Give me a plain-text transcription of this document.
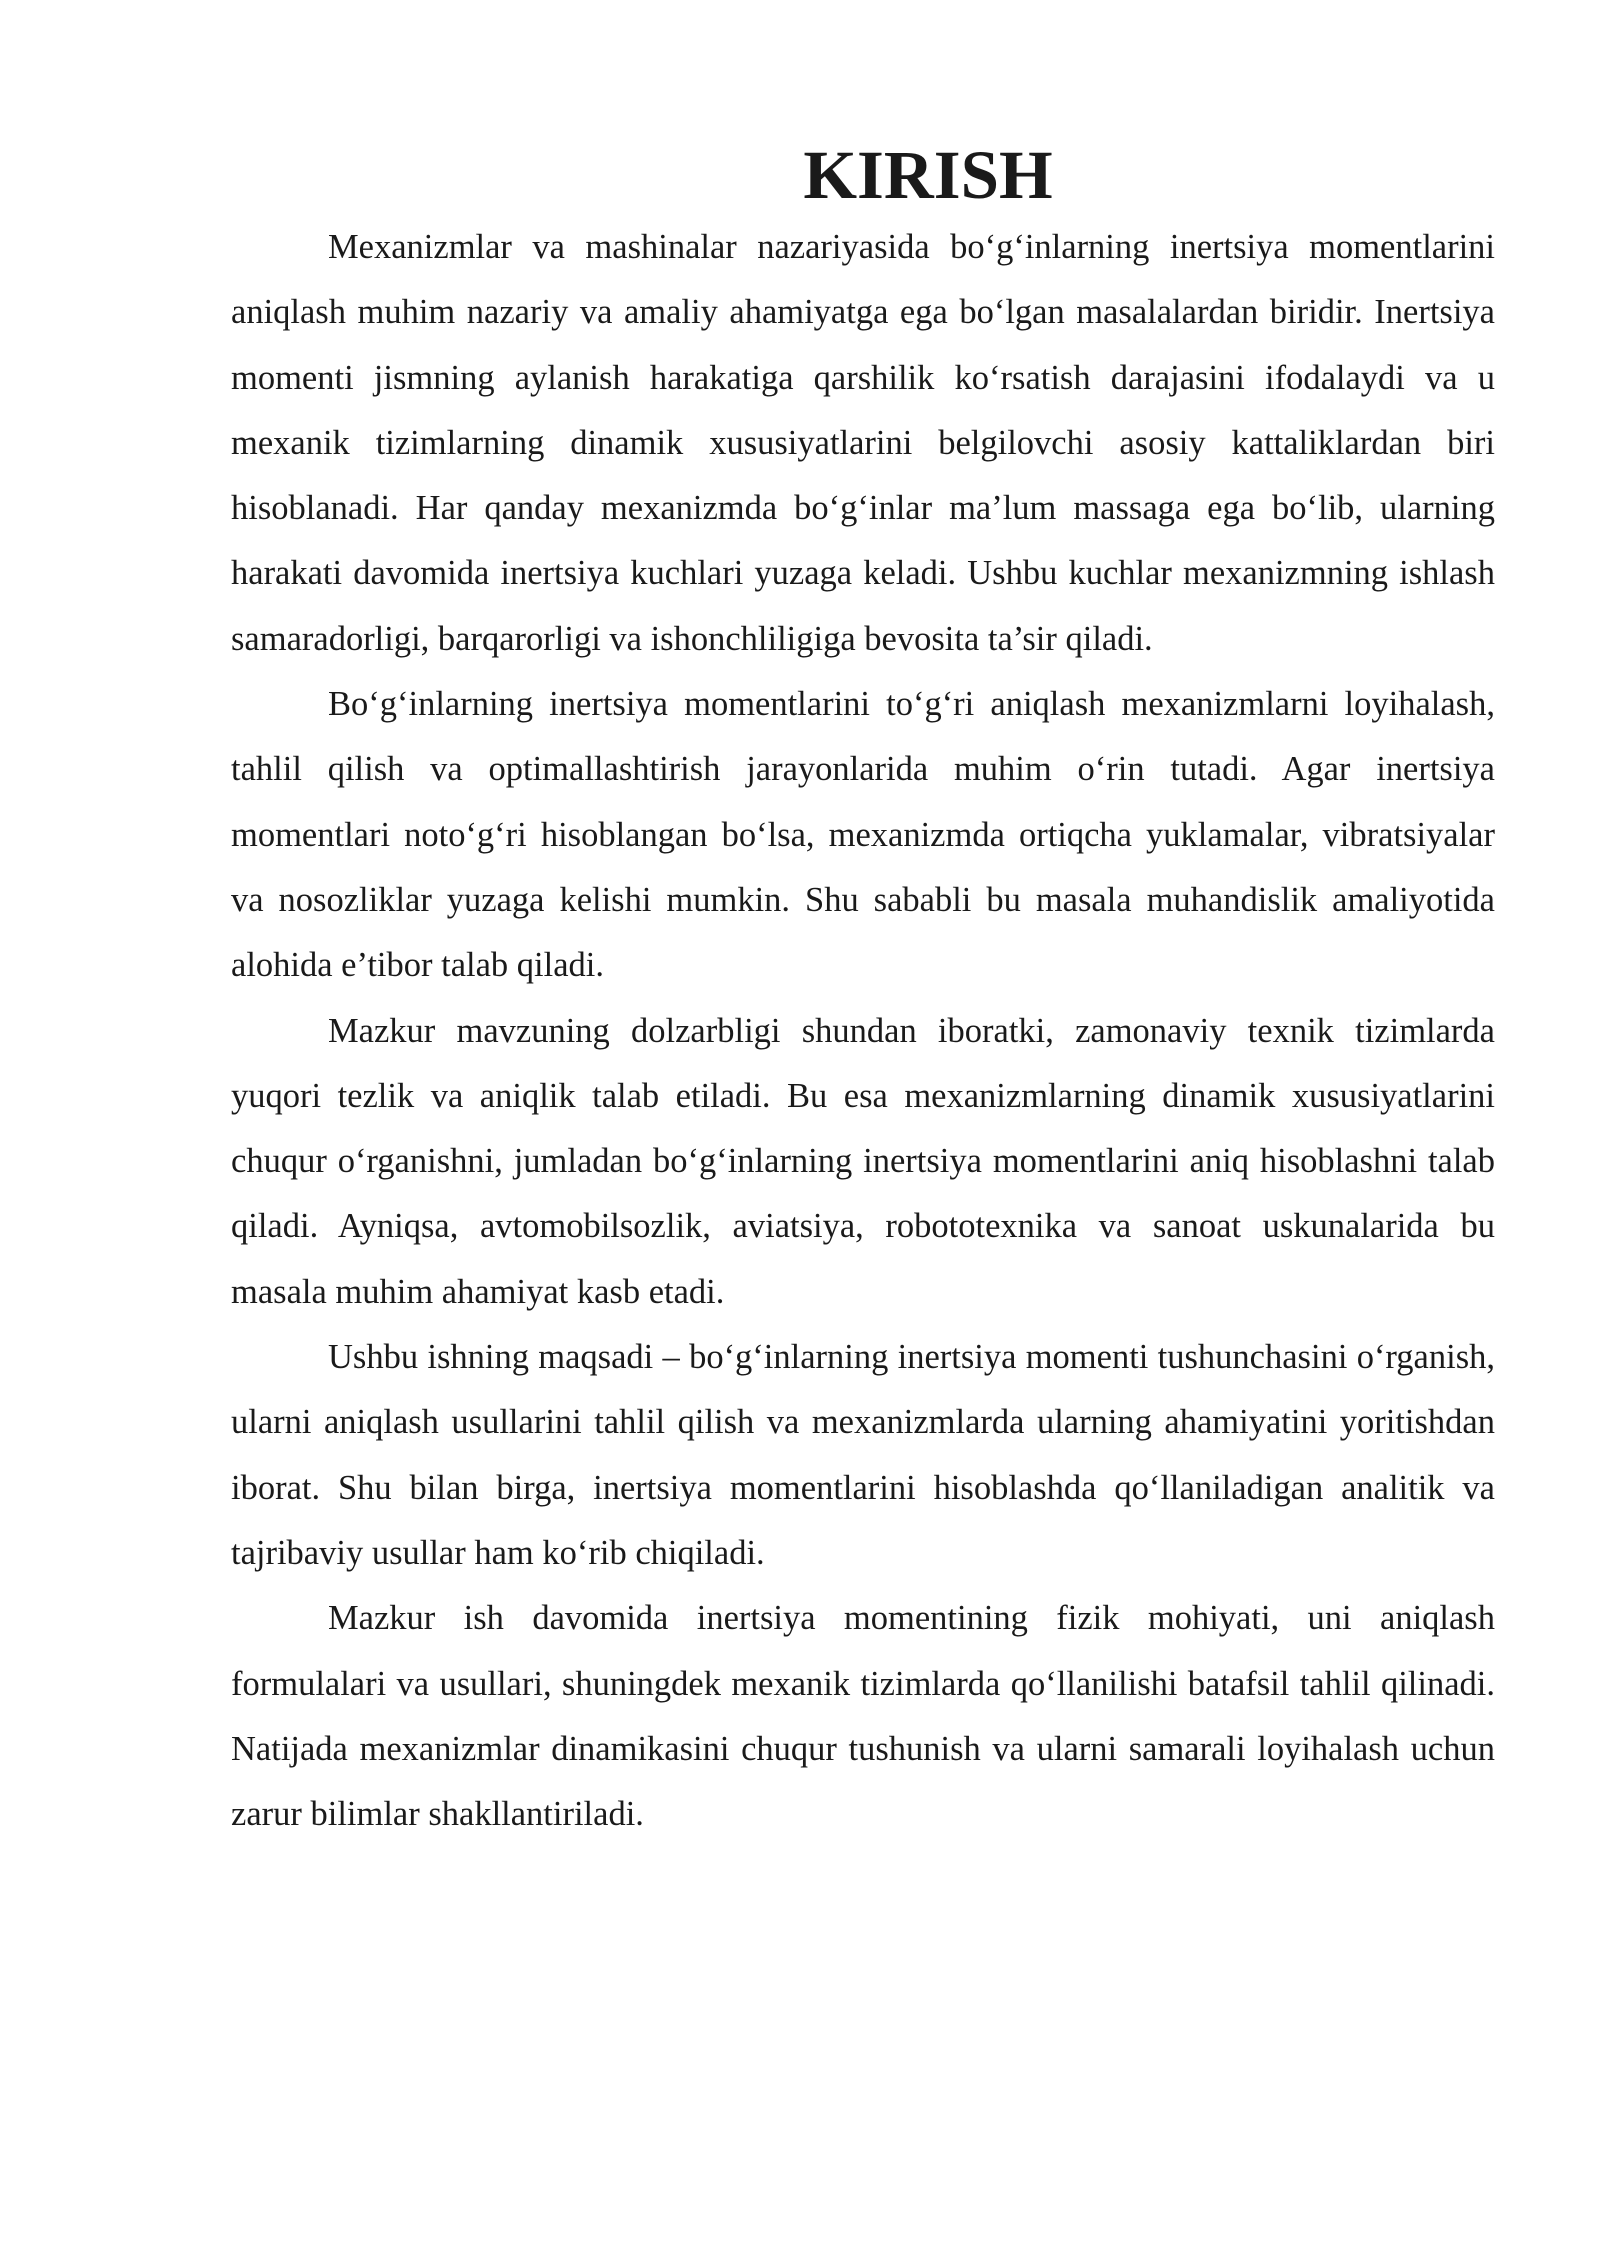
KIRISH

Mexanizmlar va mashinalar nazariyasida bo‘g‘inlarning inertsiya momentlarini aniqlash muhim nazariy va amaliy ahamiyatga ega bo‘lgan masalalardan biridir. Inertsiya momenti jismning aylanish harakatiga qarshilik ko‘rsatish darajasini ifodalaydi va u mexanik tizimlarning dinamik xususiyatlarini belgilovchi asosiy kattaliklardan biri hisoblanadi. Har qanday mexanizmda bo‘g‘inlar ma’lum massaga ega bo‘lib, ularning harakati davomida inertsiya kuchlari yuzaga keladi. Ushbu kuchlar mexanizmning ishlash samaradorligi, barqarorligi va ishonchliligiga bevosita ta’sir qiladi.

Bo‘g‘inlarning inertsiya momentlarini to‘g‘ri aniqlash mexanizmlarni loyihalash, tahlil qilish va optimallashtirish jarayonlarida muhim o‘rin tutadi. Agar inertsiya momentlari noto‘g‘ri hisoblangan bo‘lsa, mexanizmda ortiqcha yuklamalar, vibratsiyalar va nosozliklar yuzaga kelishi mumkin. Shu sababli bu masala muhandislik amaliyotida alohida e’tibor talab qiladi.

Mazkur mavzuning dolzarbligi shundan iboratki, zamonaviy texnik tizimlarda yuqori tezlik va aniqlik talab etiladi. Bu esa mexanizmlarning dinamik xususiyatlarini chuqur o‘rganishni, jumladan bo‘g‘inlarning inertsiya momentlarini aniq hisoblashni talab qiladi. Ayniqsa, avtomobilsozlik, aviatsiya, robototexnika va sanoat uskunalarida bu masala muhim ahamiyat kasb etadi.

Ushbu ishning maqsadi – bo‘g‘inlarning inertsiya momenti tushunchasini o‘rganish, ularni aniqlash usullarini tahlil qilish va mexanizmlarda ularning ahamiyatini yoritishdan iborat. Shu bilan birga, inertsiya momentlarini hisoblashda qo‘llaniladigan analitik va tajribaviy usullar ham ko‘rib chiqiladi.

Mazkur ish davomida inertsiya momentining fizik mohiyati, uni aniqlash formulalari va usullari, shuningdek mexanik tizimlarda qo‘llanilishi batafsil tahlil qilinadi. Natijada mexanizmlar dinamikasini chuqur tushunish va ularni samarali loyihalash uchun zarur bilimlar shakllantiriladi.
